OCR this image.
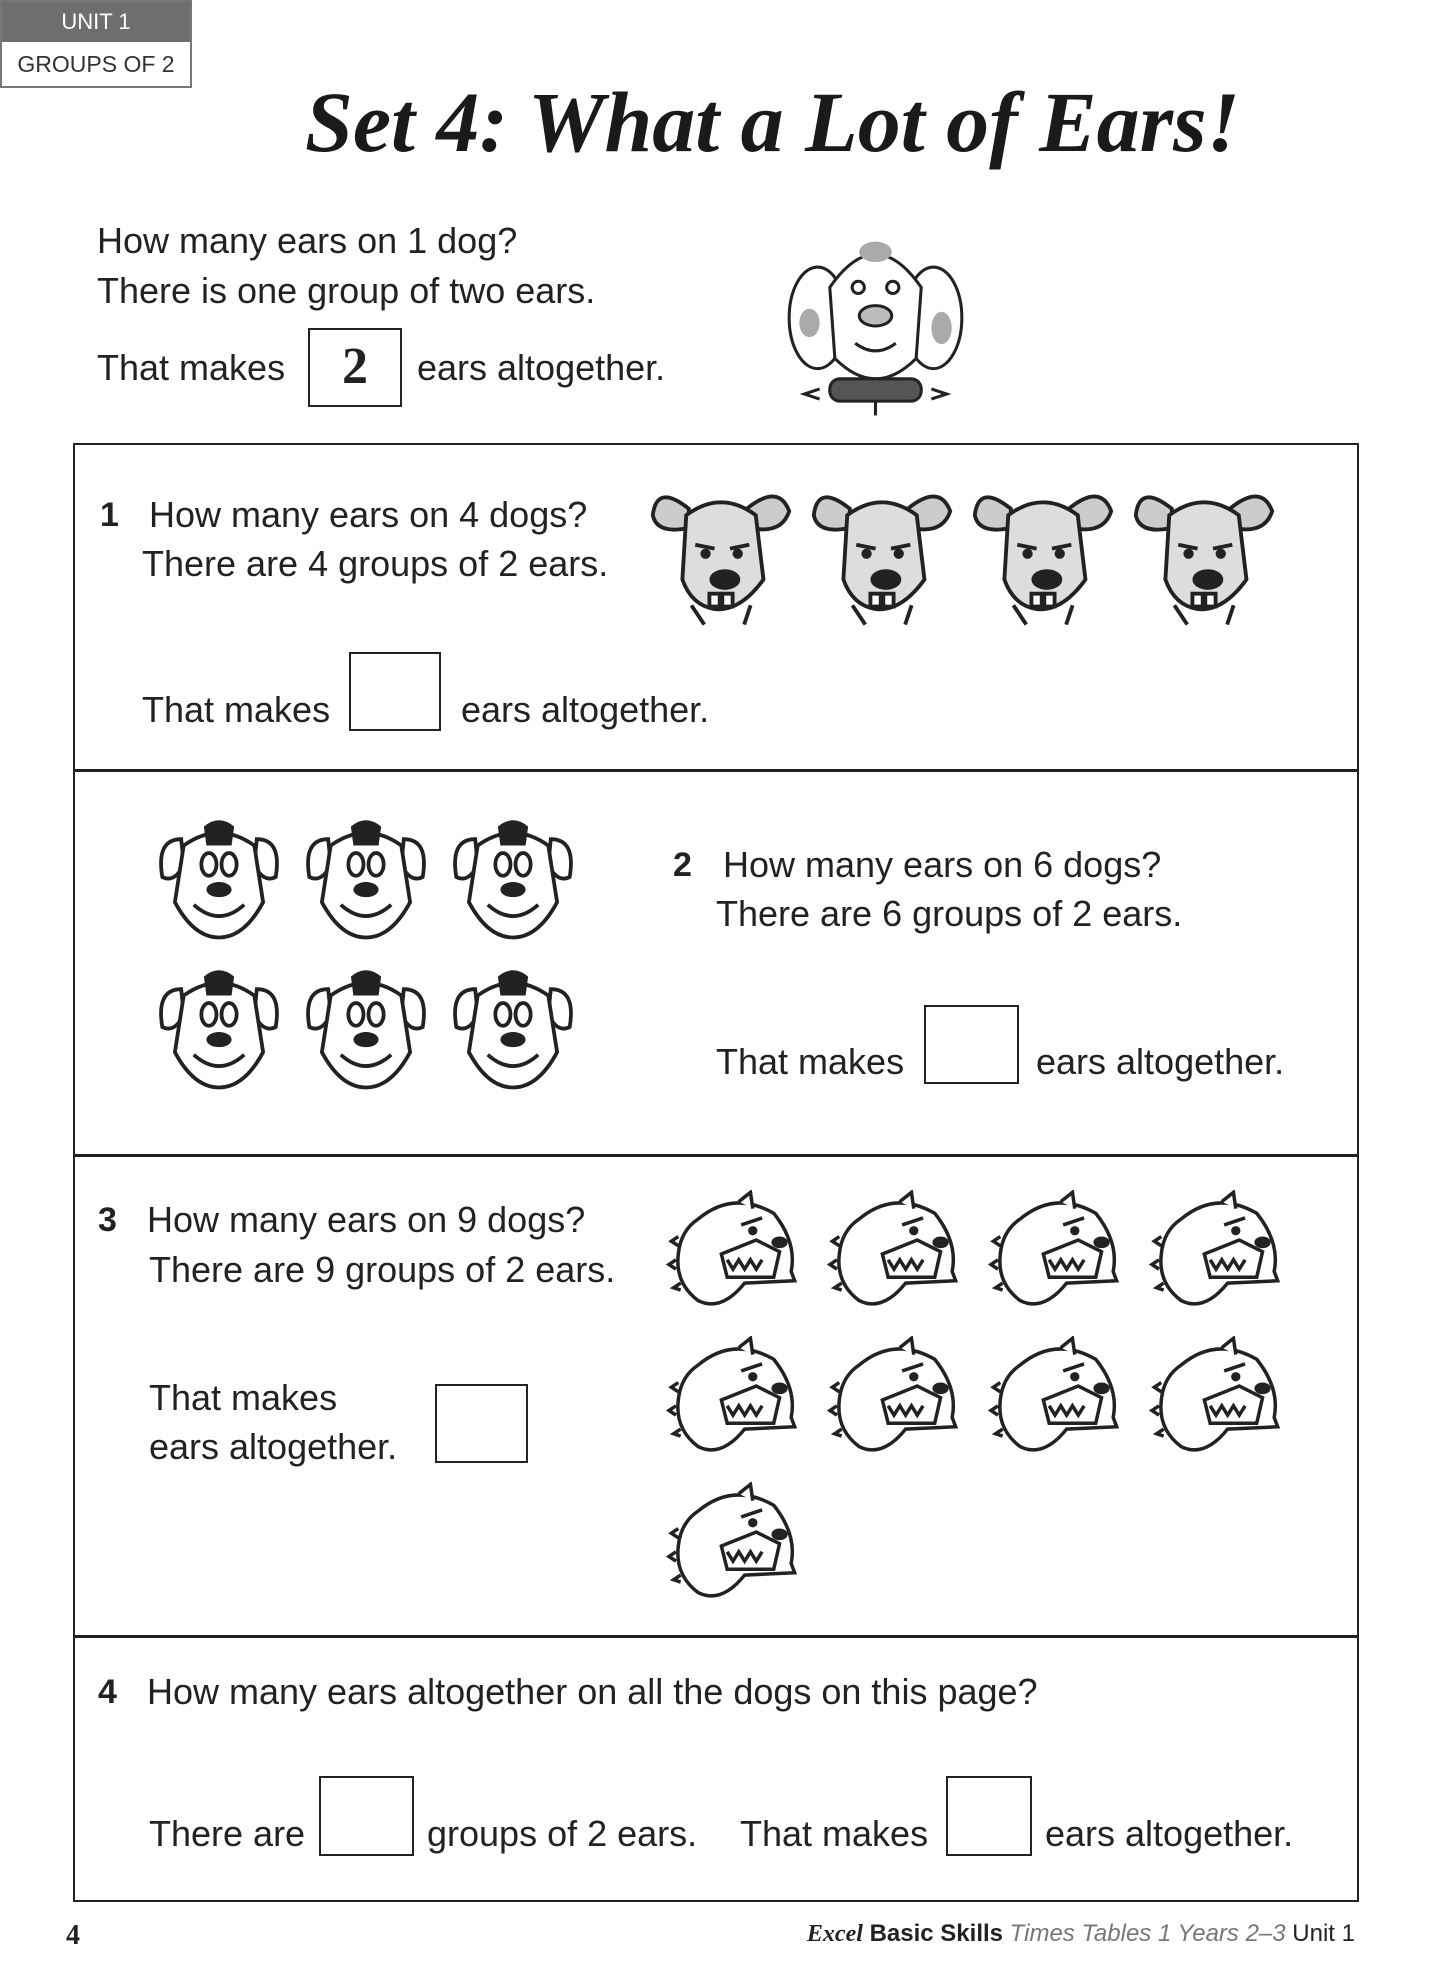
UNIT 1
GROUPS OF 2
Set 4: What a Lot of Ears!
How many ears on 1 dog?
There is one group of two ears.
That makes	2	ears altogether.
1 How many ears on 4 dogs?
There are 4 groups of 2 ears.
That makes	ears altogether.
2 How many ears on 6 dogs?
There are 6 groups of 2 ears.
That makes	ears altogether.
3 How many ears on 9 dogs?
There are 9 groups of 2 ears.
That makes
ears altogether.
4 How many ears altogether on all the dogs on this page?
There are	groups of 2 ears. That makes	ears altogether.
4	Excel Basic Skills Times Tables 1 Years 2–3 Unit 1
